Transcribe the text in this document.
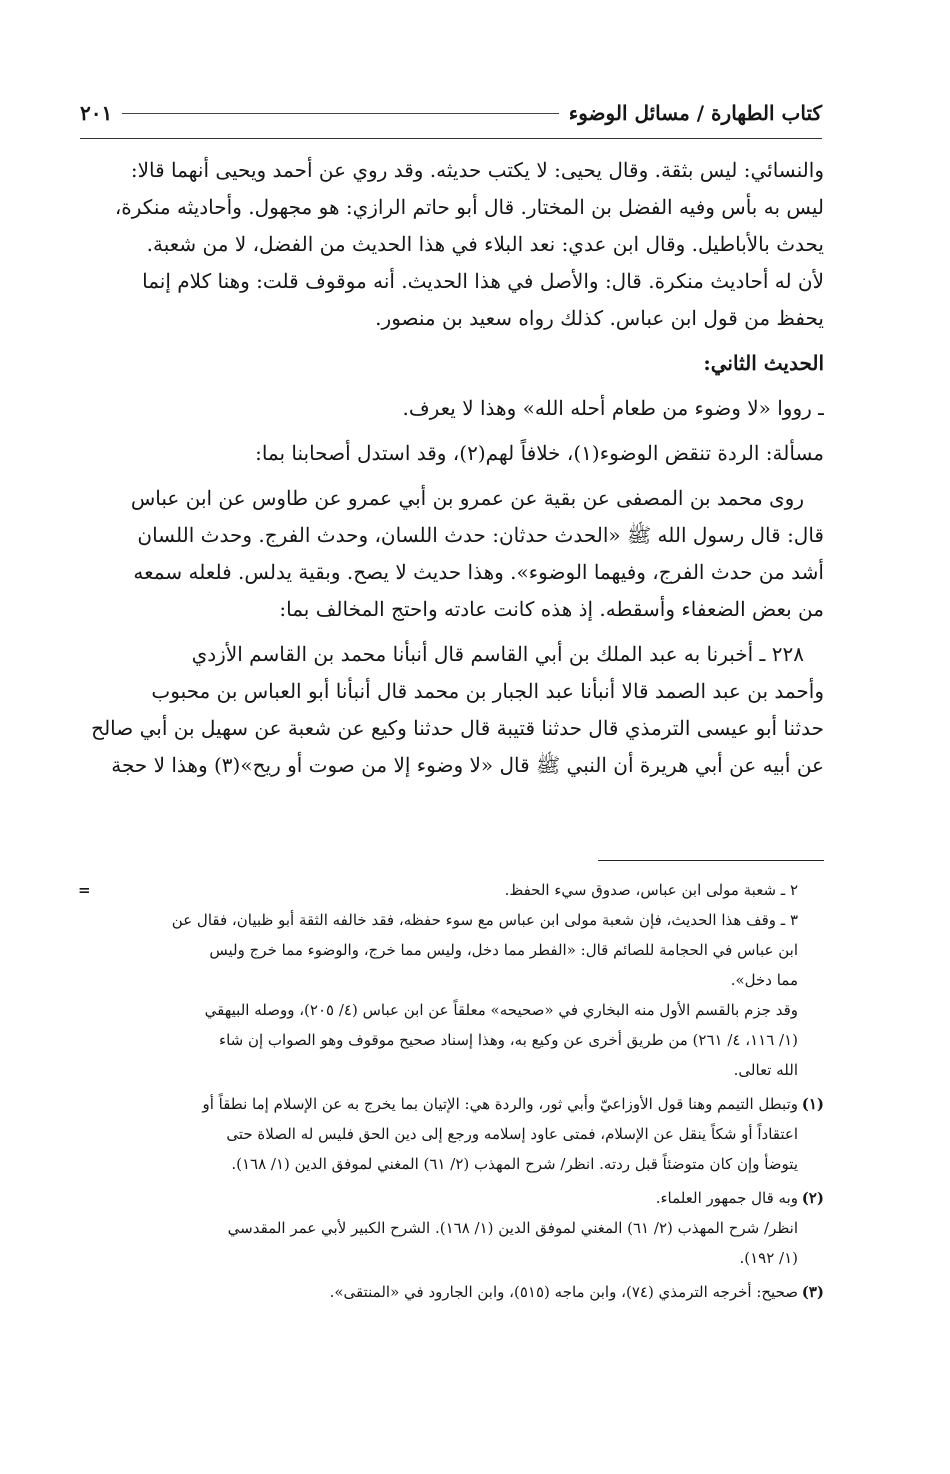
كتاب الطهارة / مسائل الوضوء
٢٠١
والنسائي: ليس بثقة. وقال يحيى: لا يكتب حديثه. وقد روي عن أحمد ويحيى أنهما قالا:
ليس به بأس وفيه الفضل بن المختار. قال أبو حاتم الرازي: هو مجهول. وأحاديثه منكرة،
يحدث بالأباطيل. وقال ابن عدي: نعد البلاء في هذا الحديث من الفضل، لا من شعبة.
لأن له أحاديث منكرة. قال: والأصل في هذا الحديث. أنه موقوف قلت: وهنا كلام إنما
يحفظ من قول ابن عباس. كذلك رواه سعيد بن منصور.
الحديث الثاني:
ـ رووا «لا وضوء من طعام أحله الله» وهذا لا يعرف.
مسألة: الردة تنقض الوضوء(١)، خلافاً لهم(٢)، وقد استدل أصحابنا بما:
روى محمد بن المصفى عن بقية عن عمرو بن أبي عمرو عن طاوس عن ابن عباس
قال: قال رسول الله ﷺ «الحدث حدثان: حدث اللسان، وحدث الفرج. وحدث اللسان
أشد من حدث الفرج، وفيهما الوضوء». وهذا حديث لا يصح. وبقية يدلس. فلعله سمعه
من بعض الضعفاء وأسقطه. إذ هذه كانت عادته واحتج المخالف بما:
٢٢٨ ـ أخبرنا به عبد الملك بن أبي القاسم قال أنبأنا محمد بن القاسم الأزدي
وأحمد بن عبد الصمد قالا أنبأنا عبد الجبار بن محمد قال أنبأنا أبو العباس بن محبوب
حدثنا أبو عيسى الترمذي قال حدثنا قتيبة قال حدثنا وكيع عن شعبة عن سهيل بن أبي صالح
عن أبيه عن أبي هريرة أن النبي ﷺ قال «لا وضوء إلا من صوت أو ريح»(٣) وهذا لا حجة
=	٢ ـ شعبة مولى ابن عباس، صدوق سيء الحفظ.
٣ ـ وقف هذا الحديث، فإن شعبة مولى ابن عباس مع سوء حفظه، فقد خالفه الثقة أبو ظبيان، فقال عن
ابن عباس في الحجامة للصائم قال: «الفطر مما دخل، وليس مما خرج، والوضوء مما خرج وليس
مما دخل».
وقد جزم بالقسم الأول منه البخاري في «صحيحه» معلقاً عن ابن عباس (٤/ ٢٠٥)، ووصله البيهقي
(١/ ١١٦، ٤/ ٢٦١) من طريق أخرى عن وكيع به، وهذا إسناد صحيح موقوف وهو الصواب إن شاء
الله تعالى.
(١)
وتبطل التيمم وهنا قول الأوزاعيّ وأبي ثور، والردة هي: الإتيان بما يخرج به عن الإسلام إما نطقاً أو
اعتقاداً أو شكاً ينقل عن الإسلام، فمتى عاود إسلامه ورجع إلى دين الحق فليس له الصلاة حتى
يتوضأ وإن كان متوضئاً قبل ردته. انظر/ شرح المهذب (٢/ ٦١) المغني لموفق الدين (١/ ١٦٨).
(٢)
وبه قال جمهور العلماء.
انظر/ شرح المهذب (٢/ ٦١) المغني لموفق الدين (١/ ١٦٨). الشرح الكبير لأبي عمر المقدسي
(١/ ١٩٢).
(٣)
صحيح: أخرجه الترمذي (٧٤)، وابن ماجه (٥١٥)، وابن الجارود في «المنتقى».
